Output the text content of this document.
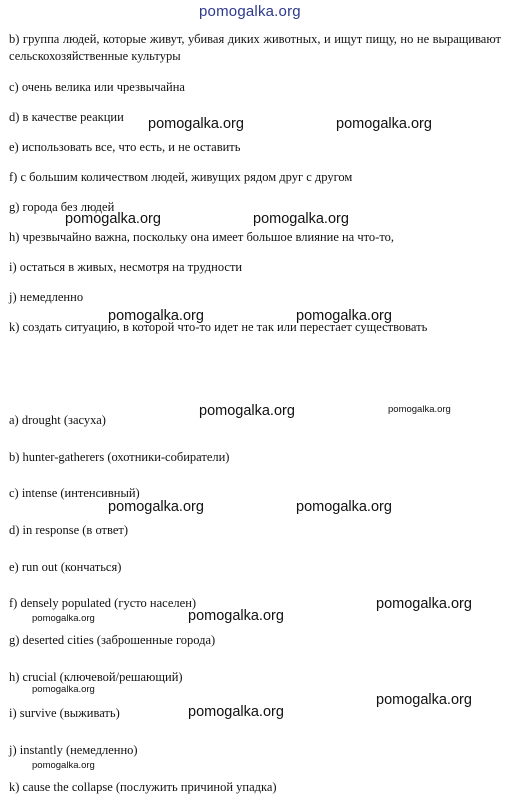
pomogalka.org
b) группа людей, которые живут, убивая диких животных, и ищут пищу, но не выращивают сельскохозяйственные культуры
c) очень велика или чрезвычайна
d) в качестве реакции
e) использовать все, что есть, и не оставить
f) с большим количеством людей, живущих рядом друг с другом
g) города без людей
h) чрезвычайно важна, поскольку она имеет большое влияние на что-то,
i) остаться в живых, несмотря на трудности
j) немедленно
k) создать ситуацию, в которой что-то идет не так или перестает существовать
a) drought (засуха)
b) hunter-gatherers (охотники-собиратели)
c) intense (интенсивный)
d) in response (в ответ)
e) run out (кончаться)
f) densely populated (густо населен)
g) deserted cities (заброшенные города)
h) crucial (ключевой/решающий)
i) survive (выживать)
j) instantly (немедленно)
k) cause the collapse (послужить причиной упадка)
pomogalka.org	pomogalka.org
pomogalka.org	pomogalka.org
pomogalka.org	pomogalka.org
pomogalka.org	pomogalka.org
pomogalka.org	pomogalka.org
pomogalka.org
pomogalka.org	pomogalka.org
pomogalka.org
pomogalka.org
pomogalka.org
pomogalka.org
